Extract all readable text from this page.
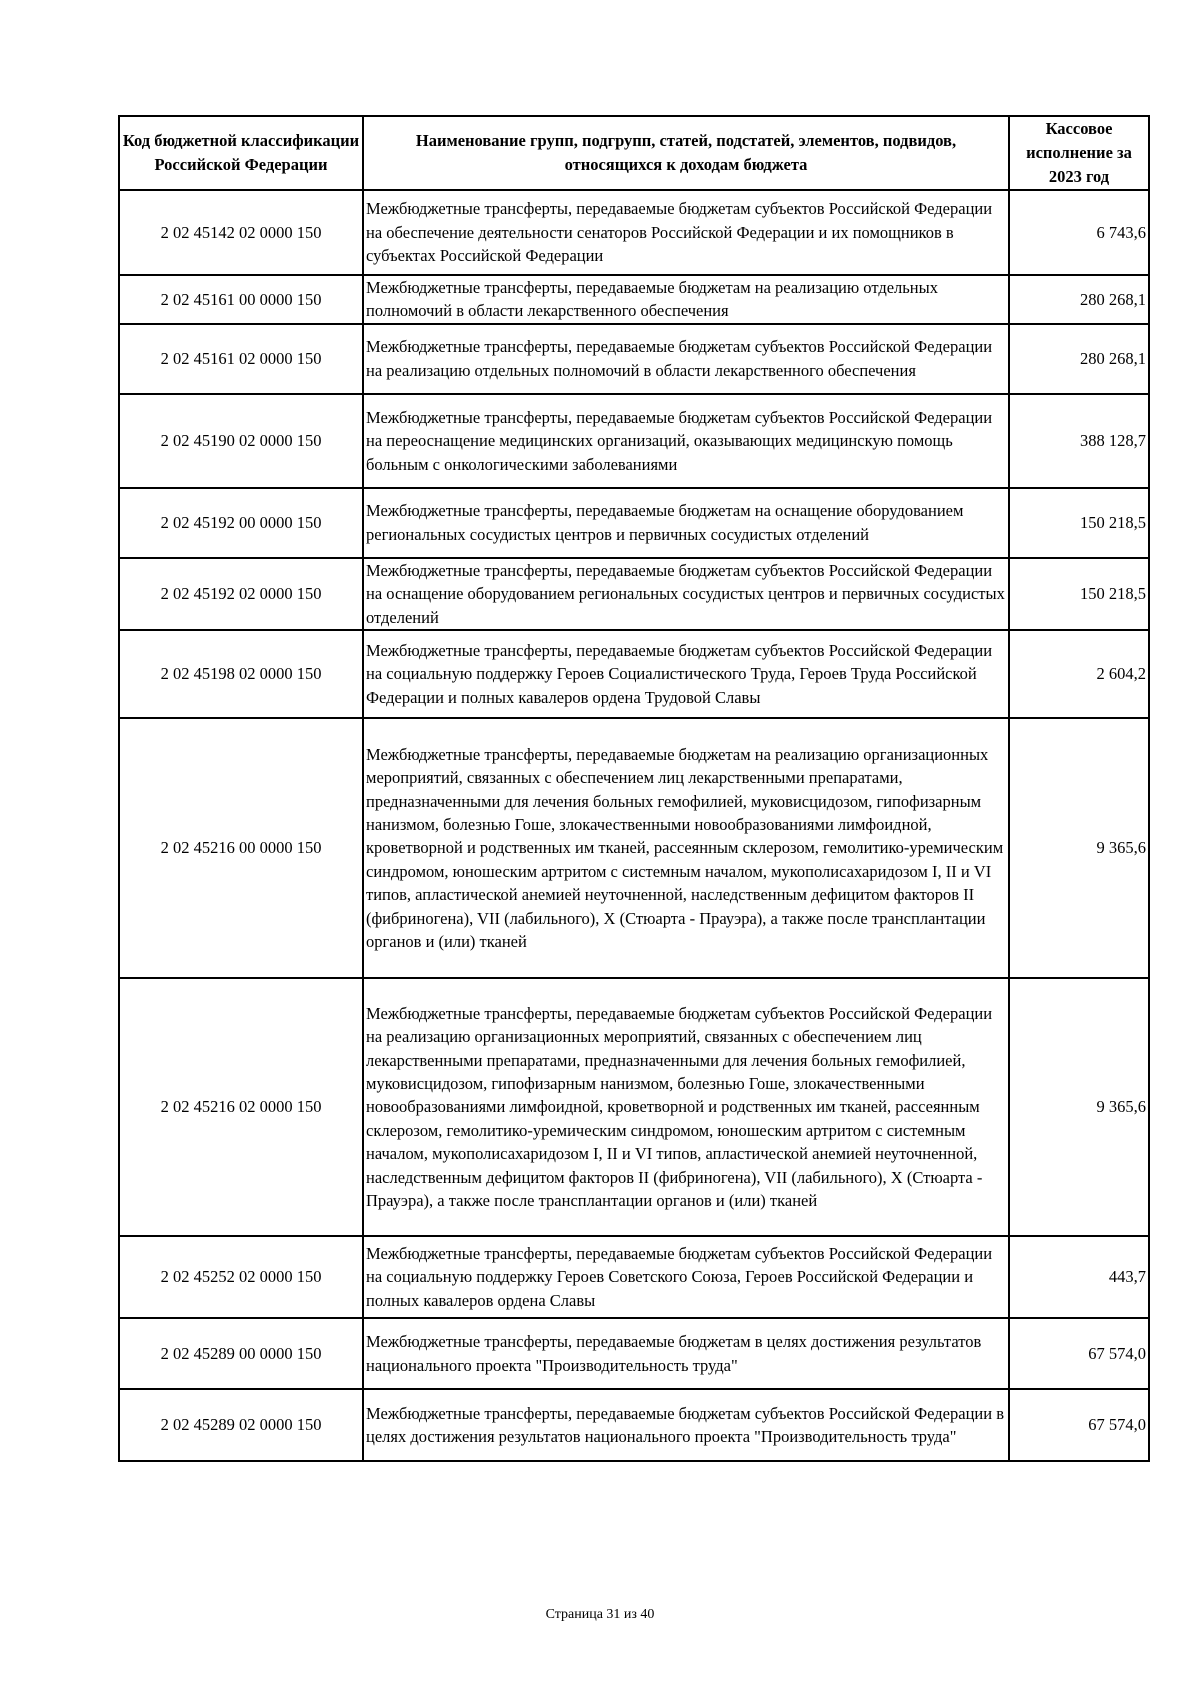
Код бюджетной классификации Российской Федерации	Наименование групп, подгрупп, статей, подстатей, элементов, подвидов, относящихся к доходам бюджета	Кассовое исполнение за 2023 год
2 02 45142 02 0000 150	Межбюджетные трансферты, передаваемые бюджетам субъектов Российской Федерации на обеспечение деятельности сенаторов Российской Федерации и их помощников в субъектах Российской Федерации	6 743,6
2 02 45161 00 0000 150	Межбюджетные трансферты, передаваемые бюджетам на реализацию отдельных полномочий в области лекарственного обеспечения	280 268,1
2 02 45161 02 0000 150	Межбюджетные трансферты, передаваемые бюджетам субъектов Российской Федерации на реализацию отдельных полномочий в области лекарственного обеспечения	280 268,1
2 02 45190 02 0000 150	Межбюджетные трансферты, передаваемые бюджетам субъектов Российской Федерации на переоснащение медицинских организаций, оказывающих медицинскую помощь больным с онкологическими заболеваниями	388 128,7
2 02 45192 00 0000 150	Межбюджетные трансферты, передаваемые бюджетам на оснащение оборудованием региональных сосудистых центров и первичных сосудистых отделений	150 218,5
2 02 45192 02 0000 150	Межбюджетные трансферты, передаваемые бюджетам субъектов Российской Федерации на оснащение оборудованием региональных сосудистых центров и первичных сосудистых отделений	150 218,5
2 02 45198 02 0000 150	Межбюджетные трансферты, передаваемые бюджетам субъектов Российской Федерации на социальную поддержку Героев Социалистического Труда, Героев Труда Российской Федерации и полных кавалеров ордена Трудовой Славы	2 604,2
2 02 45216 00 0000 150	Межбюджетные трансферты, передаваемые бюджетам на реализацию организационных мероприятий, связанных с обеспечением лиц лекарственными препаратами, предназначенными для лечения больных гемофилией, муковисцидозом, гипофизарным нанизмом, болезнью Гоше, злокачественными новообразованиями лимфоидной, кроветворной и родственных им тканей, рассеянным склерозом, гемолитико-уремическим синдромом, юношеским артритом с системным началом, мукополисахаридозом I, II и VI типов, апластической анемией неуточненной, наследственным дефицитом факторов II (фибриногена), VII (лабильного), X (Стюарта - Прауэра), а также после трансплантации органов и (или) тканей	9 365,6
2 02 45216 02 0000 150	Межбюджетные трансферты, передаваемые бюджетам субъектов Российской Федерации на реализацию организационных мероприятий, связанных с обеспечением лиц лекарственными препаратами, предназначенными для лечения больных гемофилией, муковисцидозом, гипофизарным нанизмом, болезнью Гоше, злокачественными новообразованиями лимфоидной, кроветворной и родственных им тканей, рассеянным склерозом, гемолитико-уремическим синдромом, юношеским артритом с системным началом, мукополисахаридозом I, II и VI типов, апластической анемией неуточненной, наследственным дефицитом факторов II (фибриногена), VII (лабильного), X (Стюарта - Прауэра), а также после трансплантации органов и (или) тканей	9 365,6
2 02 45252 02 0000 150	Межбюджетные трансферты, передаваемые бюджетам субъектов Российской Федерации на социальную поддержку Героев Советского Союза, Героев Российской Федерации и полных кавалеров ордена Славы	443,7
2 02 45289 00 0000 150	Межбюджетные трансферты, передаваемые бюджетам в целях достижения результатов национального проекта "Производительность труда"	67 574,0
2 02 45289 02 0000 150	Межбюджетные трансферты, передаваемые бюджетам субъектов Российской Федерации в целях достижения результатов национального проекта "Производительность труда"	67 574,0
Страница 31 из 40
